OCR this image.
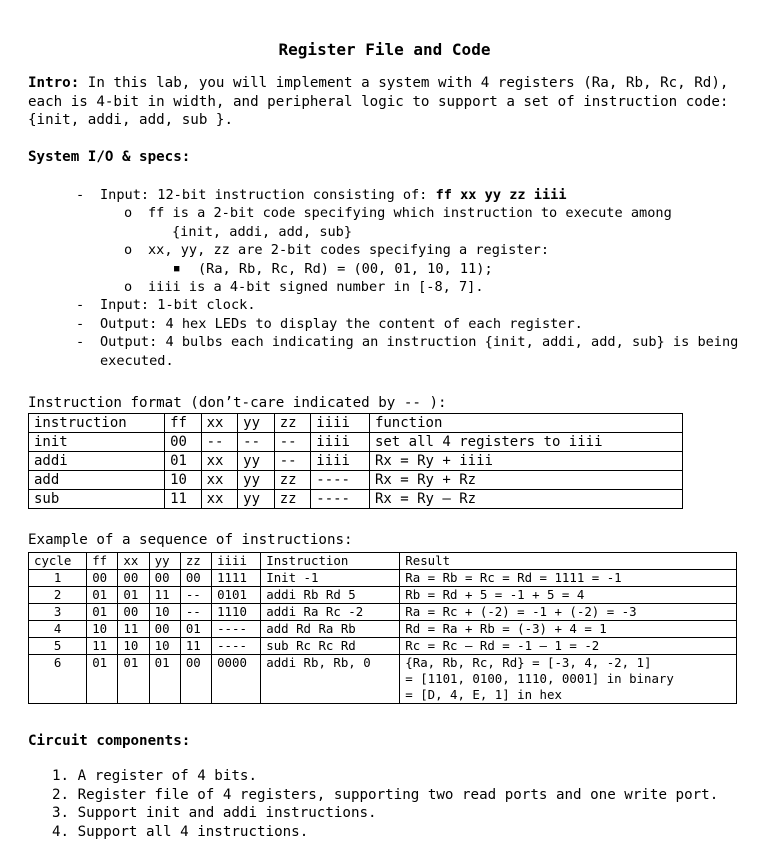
Register File and Code
Intro: In this lab, you will implement a system with 4 registers (Ra, Rb, Rc, Rd),
each is 4-bit in width, and peripheral logic to support a set of instruction code:
{init, addi, add, sub }.
System I/O & specs:
- Input: 12-bit instruction consisting of: ff xx yy zz iiii
o ff is a 2-bit code specifying which instruction to execute among
{init, addi, add, sub}
o xx, yy, zz are 2-bit codes specifying a register:
■ (Ra, Rb, Rc, Rd) = (00, 01, 10, 11);
o iiii is a 4-bit signed number in [-8, 7].
- Input: 1-bit clock.
- Output: 4 hex LEDs to display the content of each register.
- Output: 4 bulbs each indicating an instruction {init, addi, add, sub} is being
executed.
Instruction format (don’t-care indicated by -- ):
instruction	ff	xx	yy	zz	iiii	function
init	00	--	--	--	iiii	set all 4 registers to iiii
addi	01	xx	yy	--	iiii	Rx = Ry + iiii
add	10	xx	yy	zz	----	Rx = Ry + Rz
sub	11	xx	yy	zz	----	Rx = Ry – Rz
Example of a sequence of instructions:
cycle	ff	xx	yy	zz	iiii	Instruction	Result
1	00	00	00	00	1111	Init -1	Ra = Rb = Rc = Rd = 1111 = -1
2	01	01	11	--	0101	addi Rb Rd 5	Rb = Rd + 5 = -1 + 5 = 4
3	01	00	10	--	1110	addi Ra Rc -2	Ra = Rc + (-2) = -1 + (-2) = -3
4	10	11	00	01	----	add Rd Ra Rb	Rd = Ra + Rb = (-3) + 4 = 1
5	11	10	10	11	----	sub Rc Rc Rd	Rc = Rc – Rd = -1 – 1 = -2
6	01	01	01	00	0000	addi Rb, Rb, 0	{Ra, Rb, Rc, Rd} = [-3, 4, -2, 1]
= [1101, 0100, 1110, 0001] in binary
= [D, 4, E, 1] in hex
Circuit components:
1. A register of 4 bits.
2. Register file of 4 registers, supporting two read ports and one write port.
3. Support init and addi instructions.
4. Support all 4 instructions.
